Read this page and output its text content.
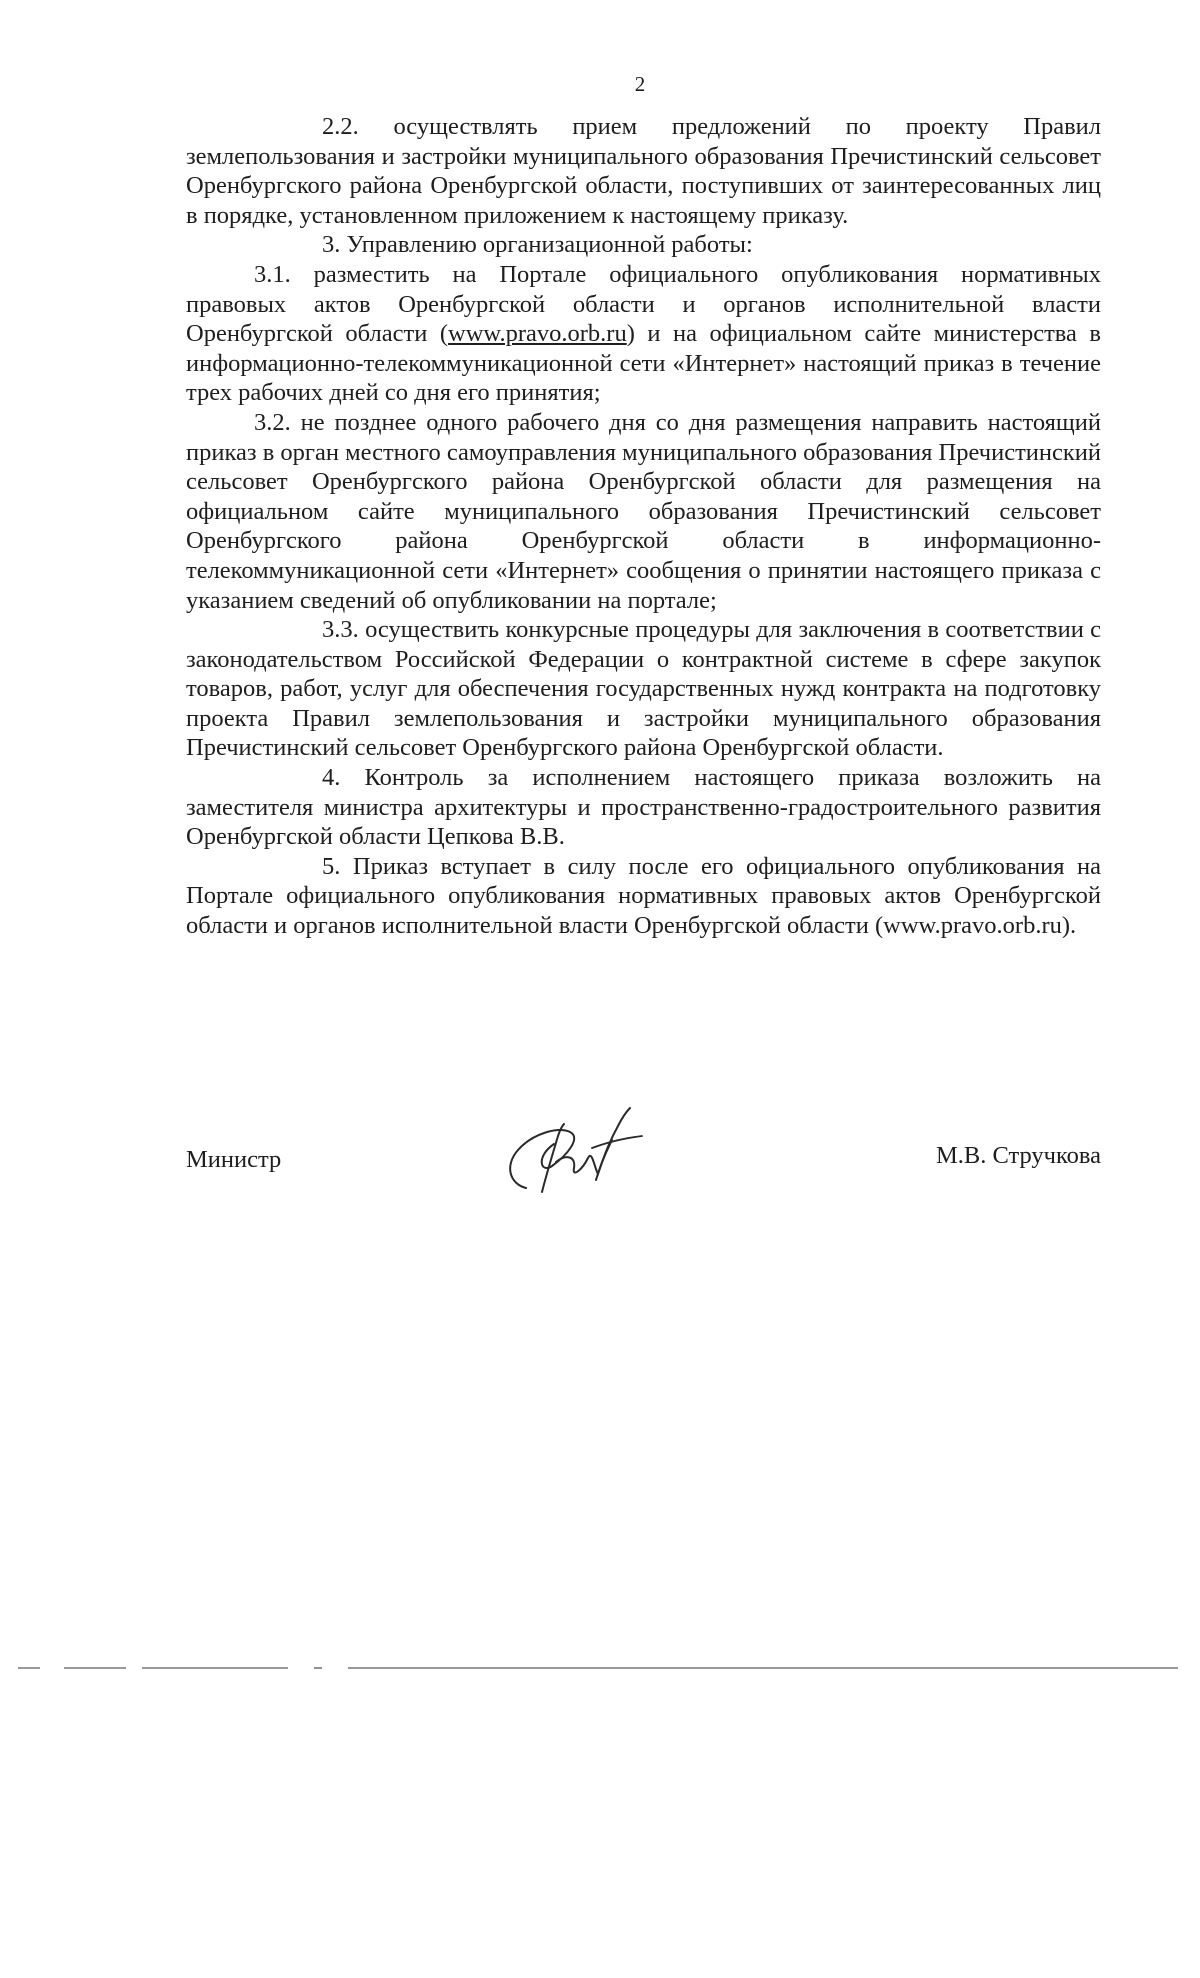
2

2.2. осуществлять прием предложений по проекту Правил землепользования и застройки муниципального образования Пречистинский сельсовет Оренбургского района Оренбургской области, поступивших от заинтересованных лиц в порядке, установленном приложением к настоящему приказу.

3. Управлению организационной работы:

3.1. разместить на Портале официального опубликования нормативных правовых актов Оренбургской области и органов исполнительной власти Оренбургской области (www.pravo.orb.ru) и на официальном сайте министерства в информационно-телекоммуникационной сети «Интернет» настоящий приказ в течение трех рабочих дней со дня его принятия;

3.2. не позднее одного рабочего дня со дня размещения направить настоящий приказ в орган местного самоуправления муниципального образования Пречистинский сельсовет Оренбургского района Оренбургской области для размещения на официальном сайте муниципального образования Пречистинский сельсовет Оренбургского района Оренбургской области в информационно-телекоммуникационной сети «Интернет» сообщения о принятии настоящего приказа с указанием сведений об опубликовании на портале;

3.3. осуществить конкурсные процедуры для заключения в соответствии с законодательством Российской Федерации о контрактной системе в сфере закупок товаров, работ, услуг для обеспечения государственных нужд контракта на подготовку проекта Правил землепользования и застройки муниципального образования Пречистинский сельсовет Оренбургского района Оренбургской области.

4. Контроль за исполнением настоящего приказа возложить на заместителя министра архитектуры и пространственно-градостроительного развития Оренбургской области Цепкова В.В.

5. Приказ вступает в силу после его официального опубликования на Портале официального опубликования нормативных правовых актов Оренбургской области и органов исполнительной власти Оренбургской области (www.pravo.orb.ru).

Министр	М.В. Стручкова
